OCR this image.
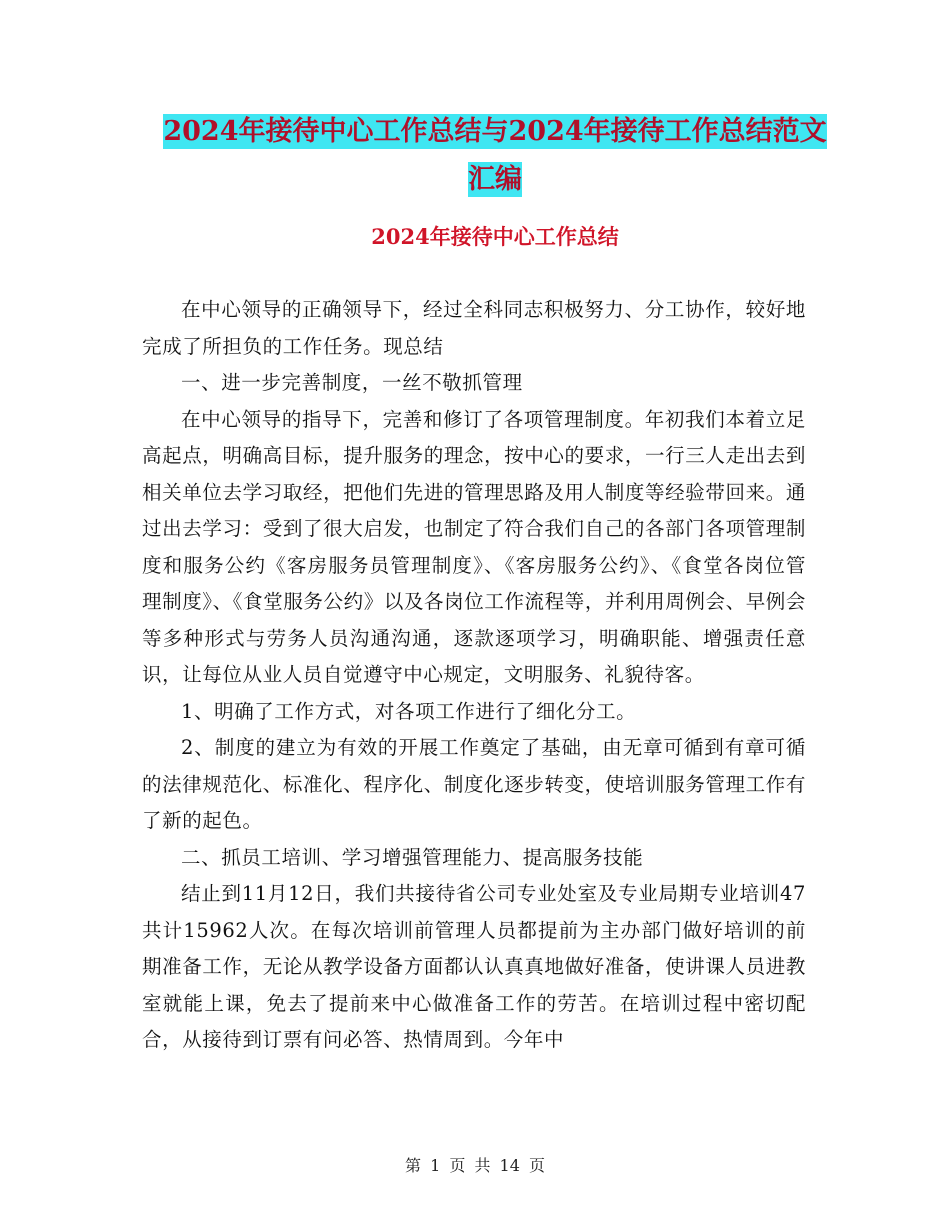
2024年接待中心工作总结与2024年接待工作总结范文
汇编
2024年接待中心工作总结

在中心领导的正确领导下，经过全科同志积极努力、分工协作，较好地完成了所担负的工作任务。现总结

一、进一步完善制度，一丝不敬抓管理

在中心领导的指导下，完善和修订了各项管理制度。年初我们本着立足高起点，明确高目标，提升服务的理念，按中心的要求，一行三人走出去到相关单位去学习取经，把他们先进的管理思路及用人制度等经验带回来。通过出去学习：受到了很大启发，也制定了符合我们自己的各部门各项管理制度和服务公约《客房服务员管理制度》、《客房服务公约》、《食堂各岗位管理制度》、《食堂服务公约》以及各岗位工作流程等，并利用周例会、早例会等多种形式与劳务人员沟通沟通，逐款逐项学习，明确职能、增强责任意识，让每位从业人员自觉遵守中心规定，文明服务、礼貌待客。

1、明确了工作方式，对各项工作进行了细化分工。

2、制度的建立为有效的开展工作奠定了基础，由无章可循到有章可循的法律规范化、标准化、程序化、制度化逐步转变，使培训服务管理工作有了新的起色。

二、抓员工培训、学习增强管理能力、提高服务技能

结止到11月12日，我们共接待省公司专业处室及专业局期专业培训47共计15962人次。在每次培训前管理人员都提前为主办部门做好培训的前期准备工作，无论从教学设备方面都认认真真地做好准备，使讲课人员进教室就能上课，免去了提前来中心做准备工作的劳苦。在培训过程中密切配合，从接待到订票有问必答、热情周到。今年中

第 1 页 共 14 页
